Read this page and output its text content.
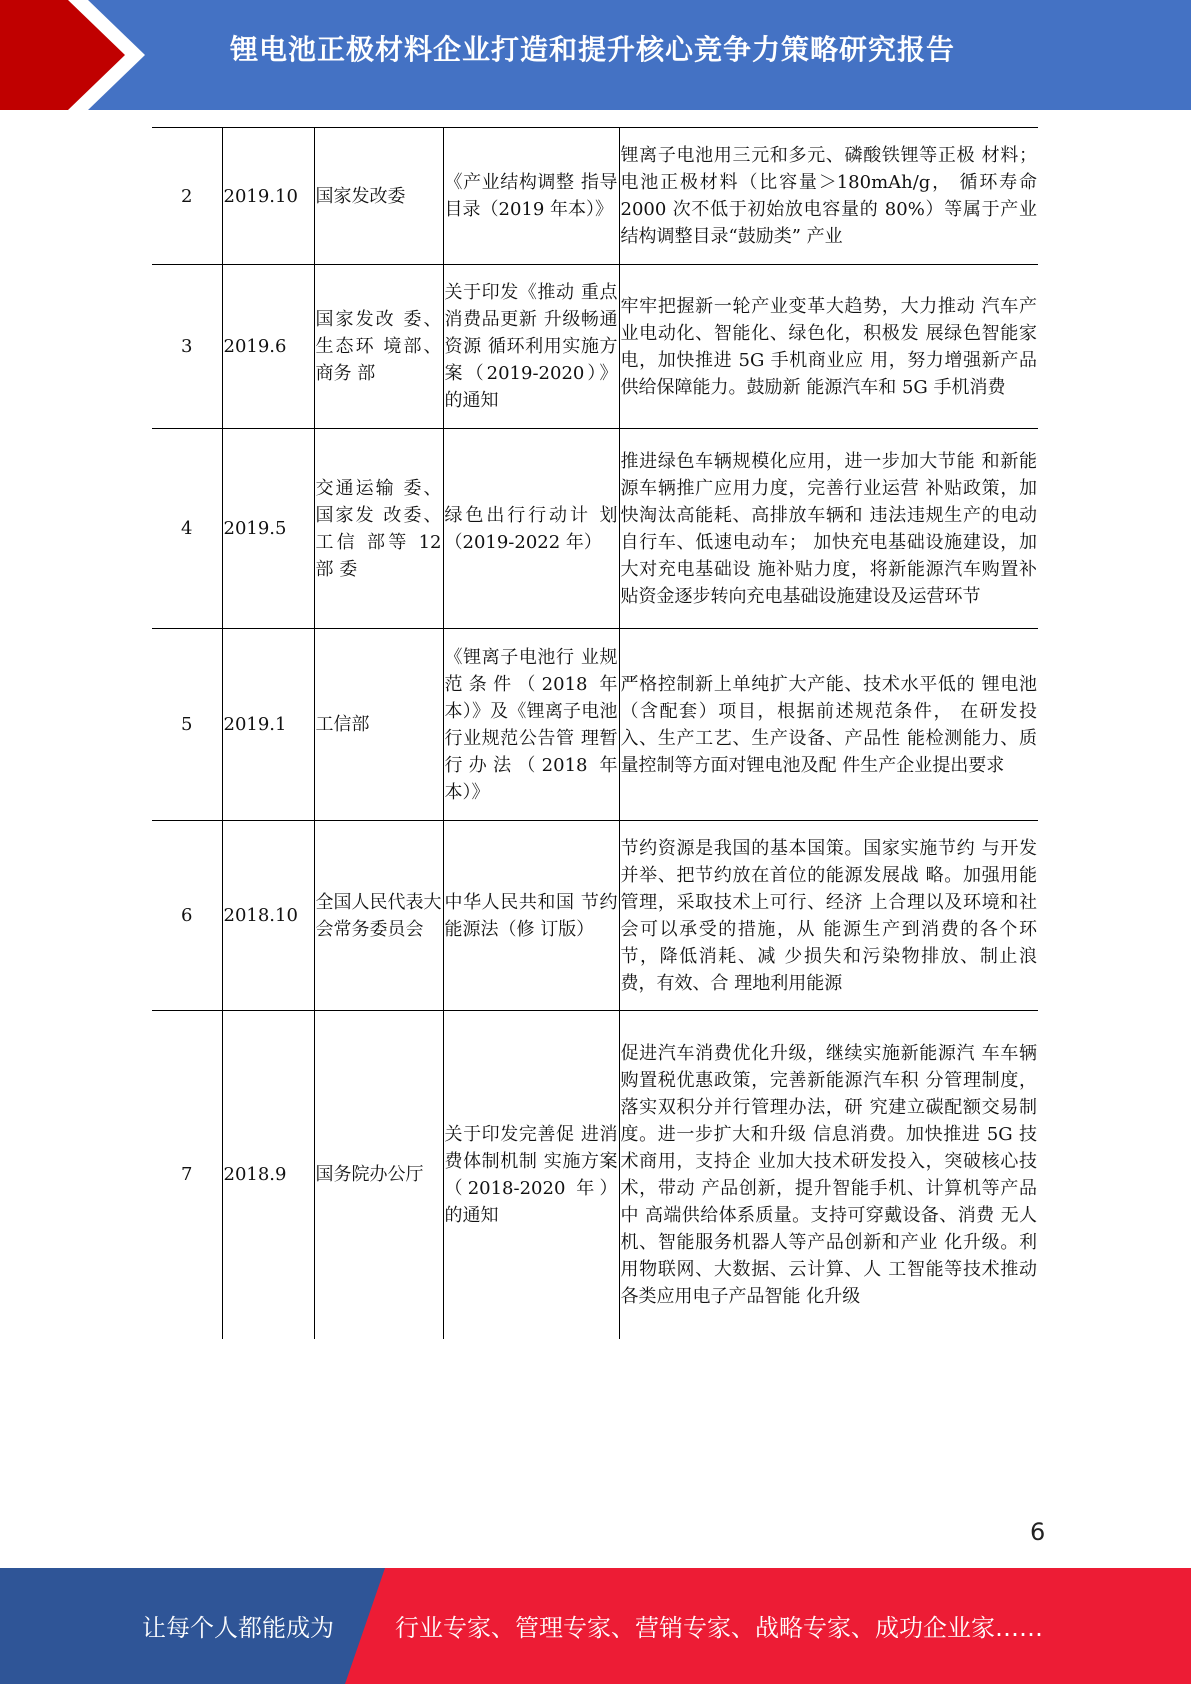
锂电池正极材料企业打造和提升核心竞争力策略研究报告
2	2019.10	国家发改委	《产业结构调整 指导目录（2019 年本）》	锂离子电池用三元和多元、磷酸铁锂等正极 材料；电池正极材料（比容量＞180mAh/g， 循环寿命 2000 次不低于初始放电容量的 80%）等属于产业结构调整目录“鼓励类” 产业
3	2019.6	国家发改 委、生态环 境部、商务 部	关于印发《推动 重点消费品更新 升级畅通资源 循环利用实施方 案（2019-2020）》 的通知	牢牢把握新一轮产业变革大趋势，大力推动 汽车产业电动化、智能化、绿色化，积极发 展绿色智能家电，加快推进 5G 手机商业应 用，努力增强新产品供给保障能力。鼓励新 能源汽车和 5G 手机消费
4	2019.5	交通运输 委、国家发 改委、工信 部等 12 部 委	绿色出行行动计 划（2019-2022 年）	推进绿色车辆规模化应用，进一步加大节能 和新能源车辆推广应用力度，完善行业运营 补贴政策，加快淘汰高能耗、高排放车辆和 违法违规生产的电动自行车、低速电动车； 加快充电基础设施建设，加大对充电基础设 施补贴力度，将新能源汽车购置补贴资金逐步转向充电基础设施建设及运营环节
5	2019.1	工信部	《锂离子电池行 业规范条件（2018 年本）》及《锂离子电池 行业规范公告管 理暂行办法（2018 年本）》	严格控制新上单纯扩大产能、技术水平低的 锂电池（含配套）项目，根据前述规范条件， 在研发投入、生产工艺、生产设备、产品性 能检测能力、质量控制等方面对锂电池及配 件生产企业提出要求
6	2018.10	全国人民代表大会常务委员会	中华人民共和国 节约能源法（修 订版）	节约资源是我国的基本国策。国家实施节约 与开发并举、把节约放在首位的能源发展战 略。加强用能管理，采取技术上可行、经济 上合理以及环境和社会可以承受的措施，从 能源生产到消费的各个环节，降低消耗、减 少损失和污染物排放、制止浪费，有效、合 理地利用能源
7	2018.9	国务院办公厅	关于印发完善促 进消费体制机制 实施方案（2018-2020 年）的通知	促进汽车消费优化升级，继续实施新能源汽 车车辆购置税优惠政策，完善新能源汽车积 分管理制度，落实双积分并行管理办法，研 究建立碳配额交易制度。进一步扩大和升级 信息消费。加快推进 5G 技术商用，支持企 业加大技术研发投入，突破核心技术，带动 产品创新，提升智能手机、计算机等产品中 高端供给体系质量。支持可穿戴设备、消费 无人机、智能服务机器人等产品创新和产业 化升级。利用物联网、大数据、云计算、人 工智能等技术推动各类应用电子产品智能 化升级
6
让每个人都能成为	行业专家、管理专家、营销专家、战略专家、成功企业家……
